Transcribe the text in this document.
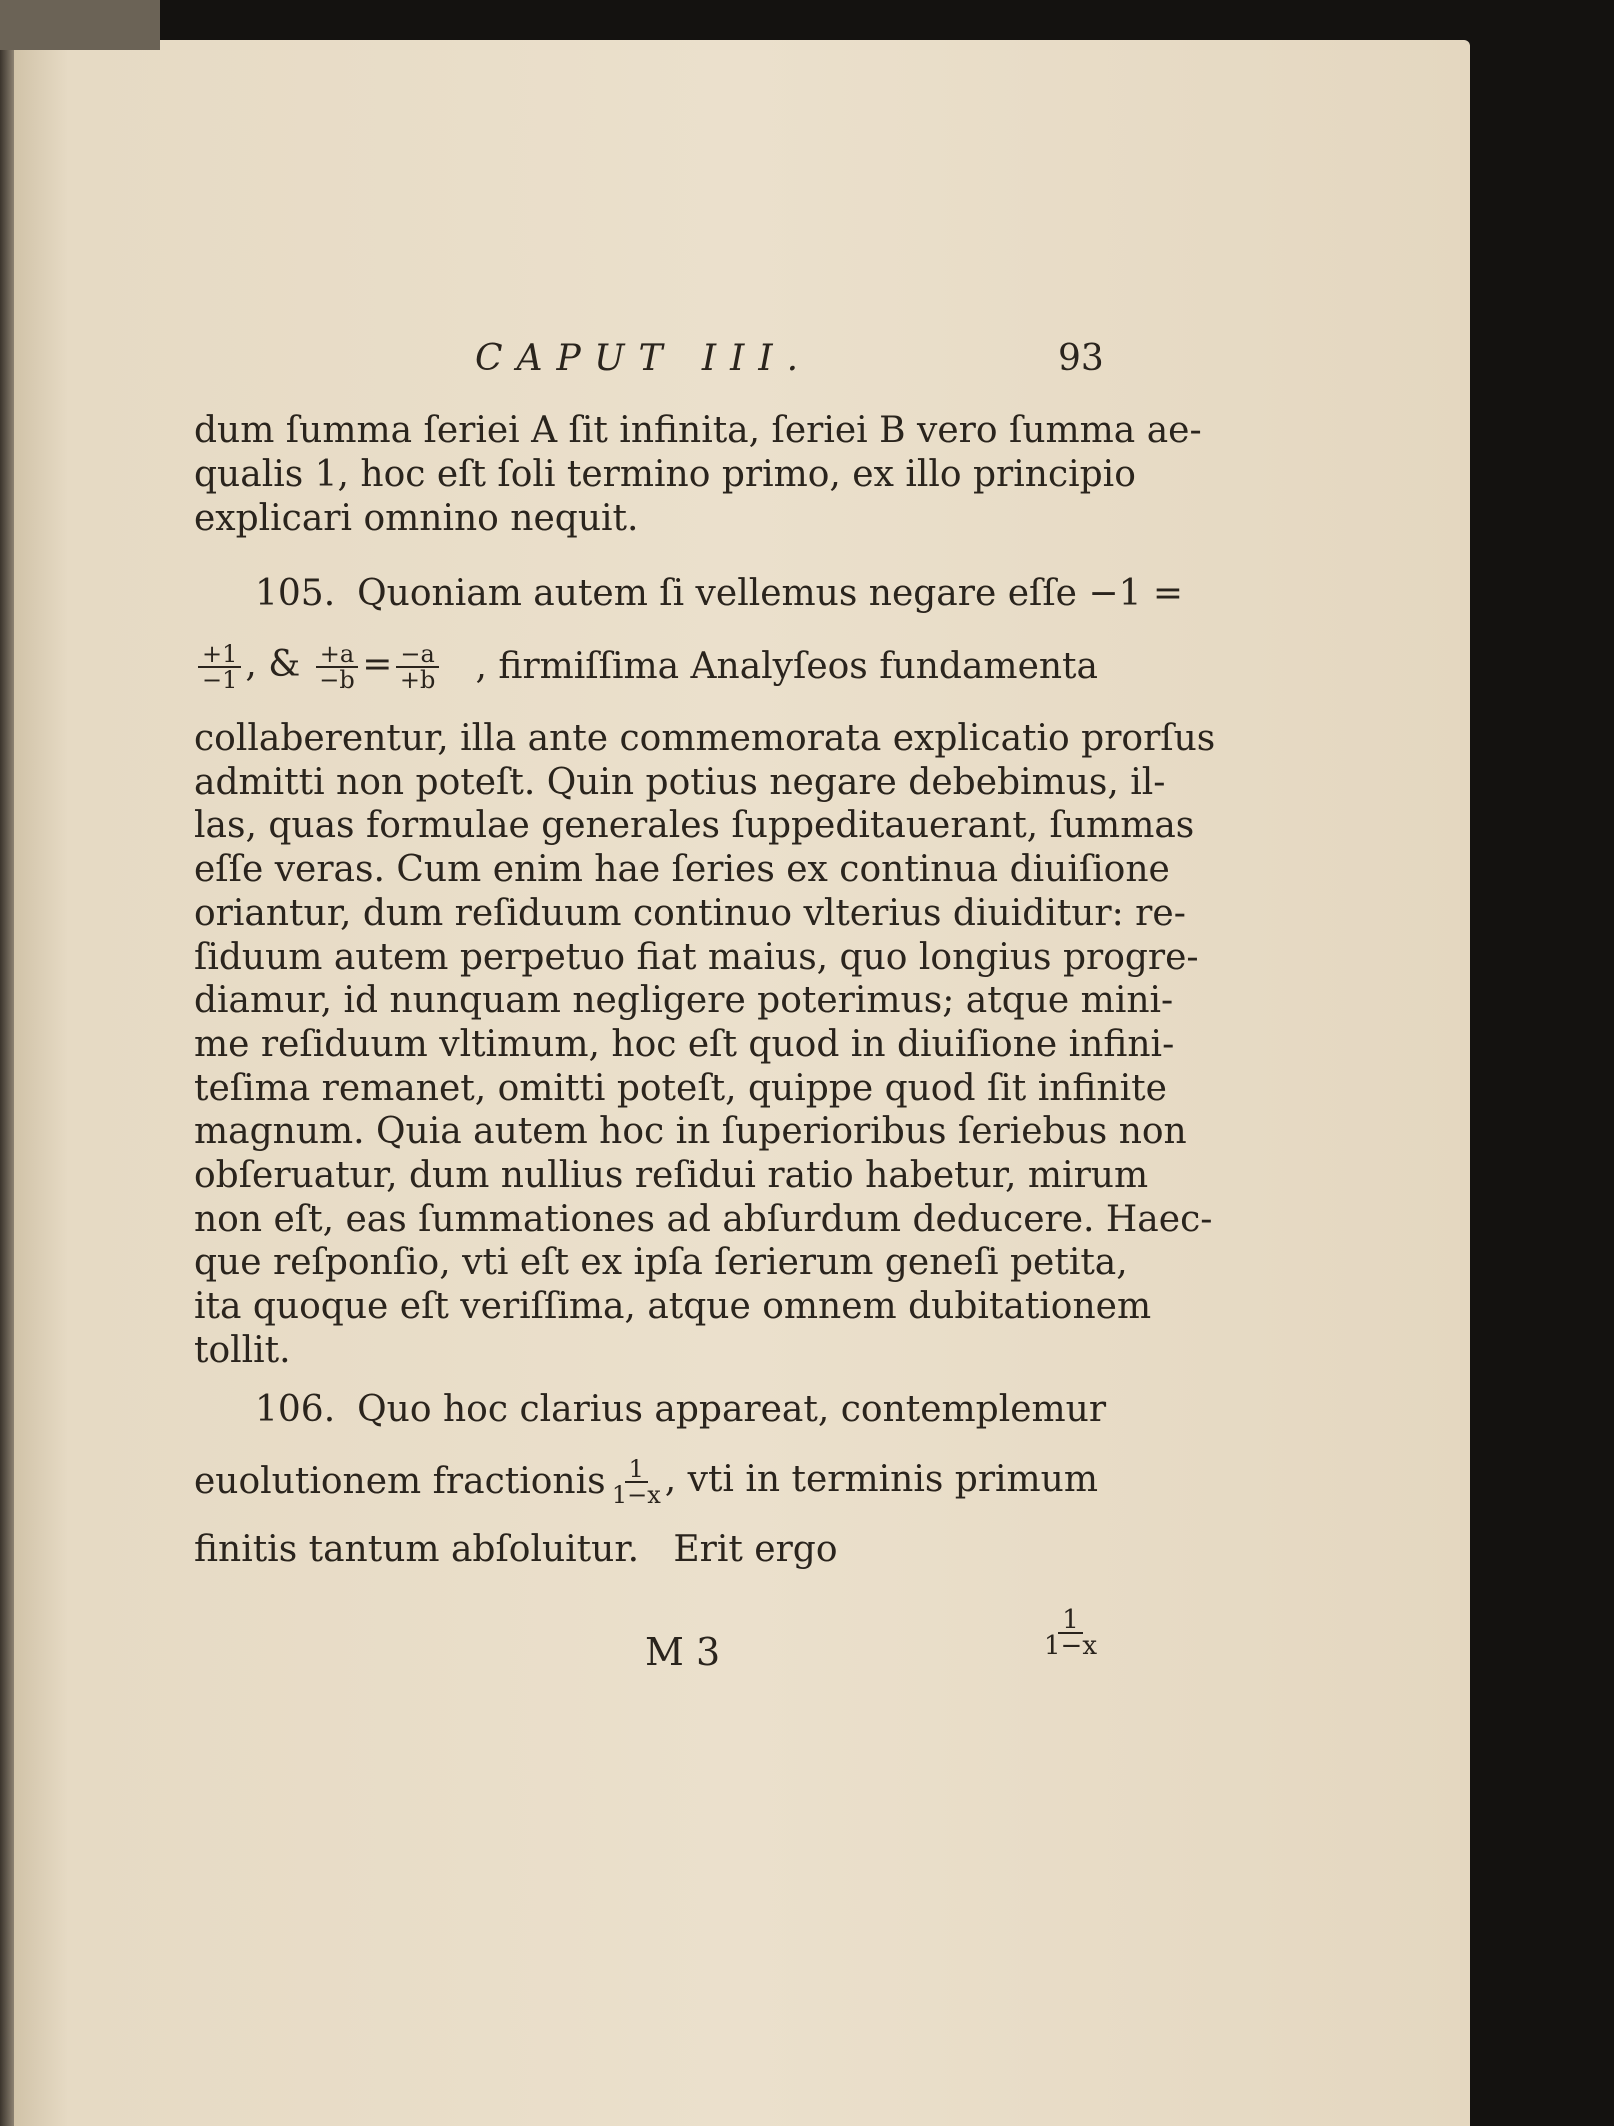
CAPUT III.	93
dum ſumma ſeriei A ſit infinita, ſeriei B vero ſumma ae-
qualis 1, hoc eſt ſoli termino primo, ex illo principio
explicari omnino nequit.
105. Quoniam autem ſi vellemus negare eſſe −1 =
$\frac{+1}{-1}$ , & $\frac{+a}{-b} = \frac{-a}{+b}$ , firmiſſima Analyſeos fundamenta
collaberentur, illa ante commemorata explicatio prorſus
admitti non poteſt. Quin potius negare debebimus, il-
las, quas formulae generales ſuppeditauerant, ſummas
eſſe veras. Cum enim hae ſeries ex continua diuiſione
oriantur, dum reſiduum continuo vlterius diuiditur: re-
ſiduum autem perpetuo fiat maius, quo longius progre-
diamur, id nunquam negligere poterimus; atque mini-
me reſiduum vltimum, hoc eſt quod in diuiſione infini-
teſima remanet, omitti poteſt, quippe quod ſit infinite
magnum. Quia autem hoc in ſuperioribus ſeriebus non
obſeruatur, dum nullius reſidui ratio habetur, mirum
non eſt, eas ſummationes ad abſurdum deducere. Haec-
que reſponſio, vti eſt ex ipſa ſerierum geneſi petita,
ita quoque eſt veriſſima, atque omnem dubitationem
tollit.
106. Quo hoc clarius appareat, contemplemur
euolutionem fractionis $\frac{1}{1-x}$ , vti in terminis primum
finitis tantum abſoluitur.   Erit ergo
M 3	$\frac{1}{1-x}$
